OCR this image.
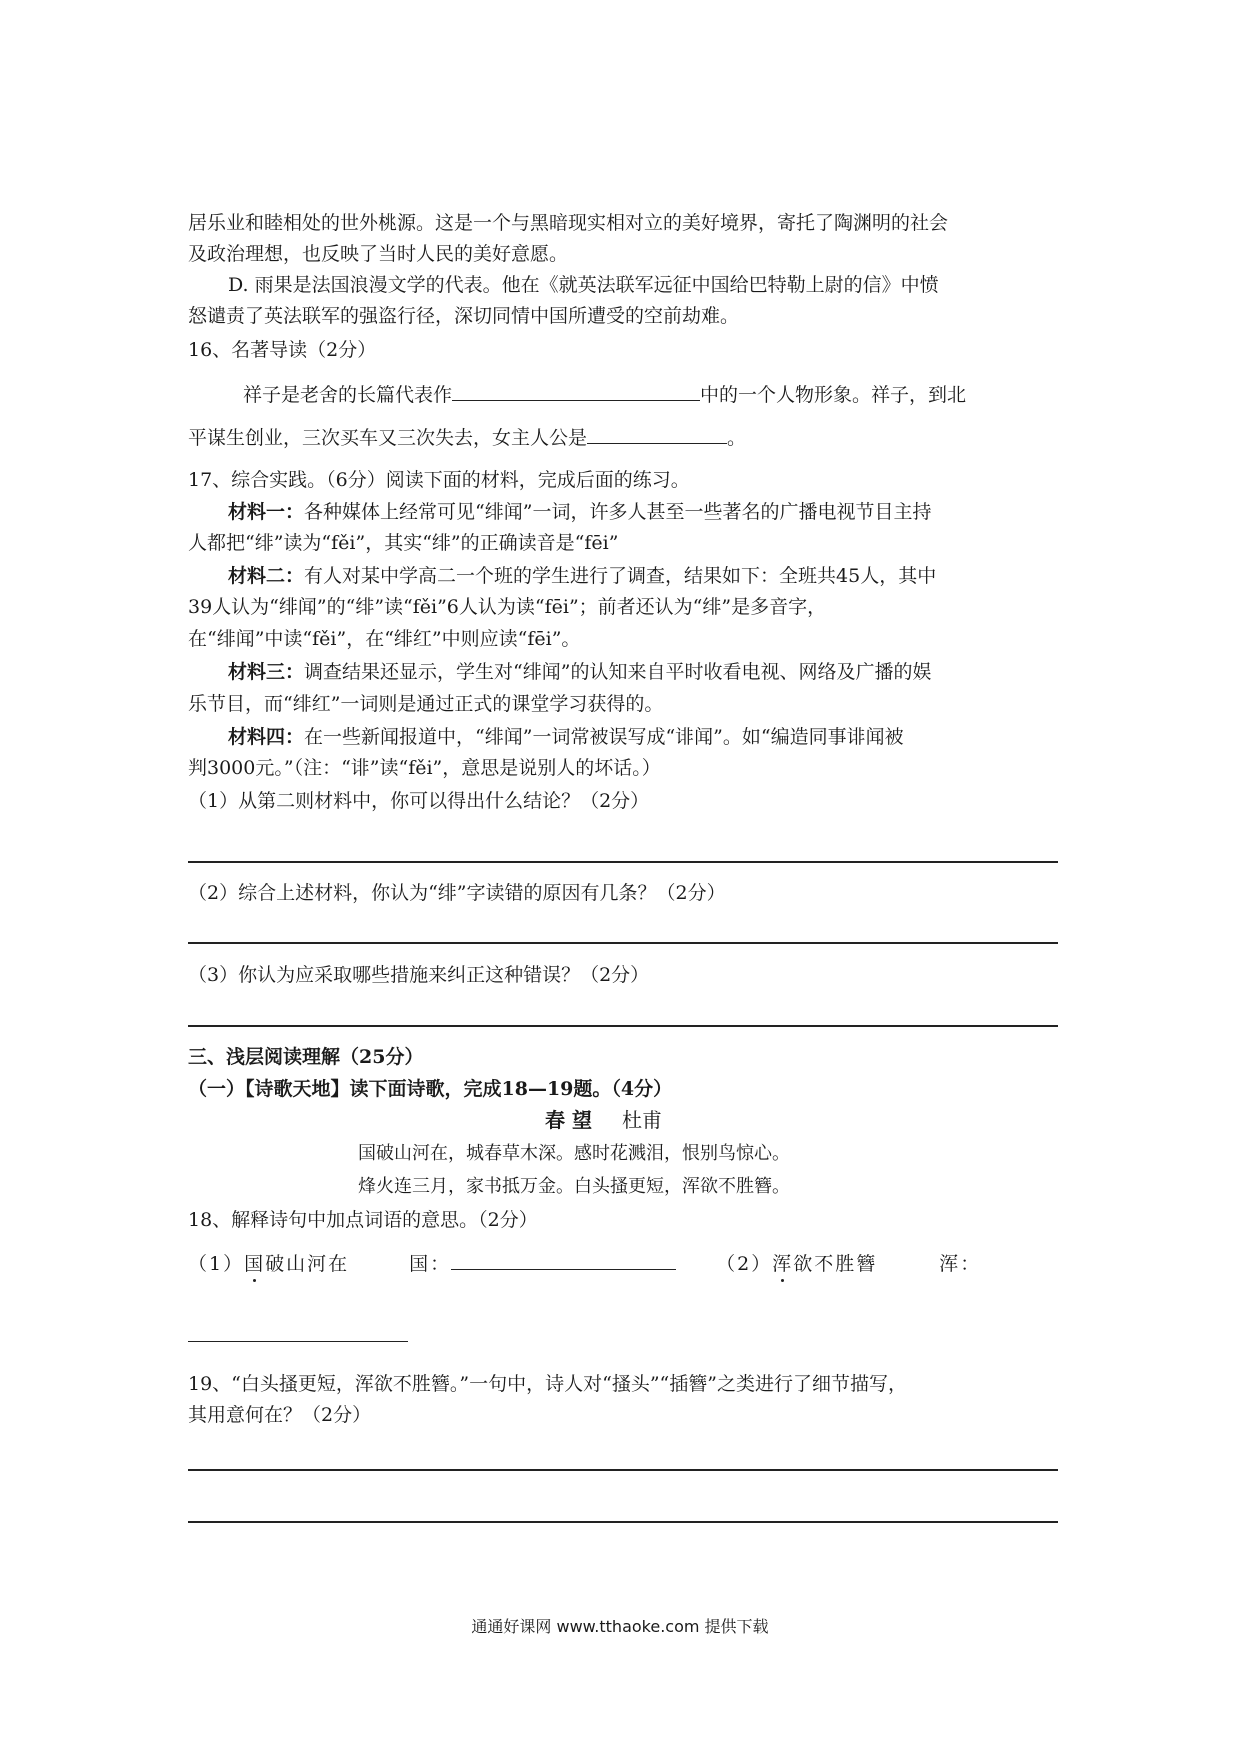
居乐业和睦相处的世外桃源。这是一个与黑暗现实相对立的美好境界，寄托了陶渊明的社会
及政治理想，也反映了当时人民的美好意愿。
D. 雨果是法国浪漫文学的代表。他在《就英法联军远征中国给巴特勒上尉的信》中愤
怒谴责了英法联军的强盗行径，深切同情中国所遭受的空前劫难。
16、名著导读（2分）
祥子是老舍的长篇代表作	中的一个人物形象。祥子，到北
平谋生创业，三次买车又三次失去，女主人公是	。
17、综合实践。（6分）阅读下面的材料，完成后面的练习。
材料一：各种媒体上经常可见“绯闻”一词，许多人甚至一些著名的广播电视节目主持
人都把“绯”读为“fěi”，其实“绯”的正确读音是“fēi”
材料二：有人对某中学高二一个班的学生进行了调查，结果如下：全班共45人，其中
39人认为“绯闻”的“绯”读“fěi”6人认为读“fēi”；前者还认为“绯”是多音字，
在“绯闻”中读“fěi”，在“绯红”中则应读“fēi”。
材料三：调查结果还显示，学生对“绯闻”的认知来自平时收看电视、网络及广播的娱
乐节目，而“绯红”一词则是通过正式的课堂学习获得的。
材料四：在一些新闻报道中，“绯闻”一词常被误写成“诽闻”。如“编造同事诽闻被
判3000元。”（注：“诽”读“fěi”，意思是说别人的坏话。）
（1）从第二则材料中，你可以得出什么结论？（2分）
（2）综合上述材料，你认为“绯”字读错的原因有几条？（2分）
（3）你认为应采取哪些措施来纠正这种错误？（2分）
三、浅层阅读理解（25分）
（一）【诗歌天地】读下面诗歌，完成18—19题。（4分）
春 望 杜甫
国破山河在，城春草木深。感时花溅泪，恨别鸟惊心。
烽火连三月，家书抵万金。白头搔更短，浑欲不胜簪。
18、解释诗句中加点词语的意思。（2分）
（1）国破山河在	国：	（2）浑欲不胜簪	浑：
19、“白头搔更短，浑欲不胜簪。”一句中，诗人对“搔头”“插簪”之类进行了细节描写，
其用意何在？（2分）
通通好课网 www.tthaoke.com 提供下载
